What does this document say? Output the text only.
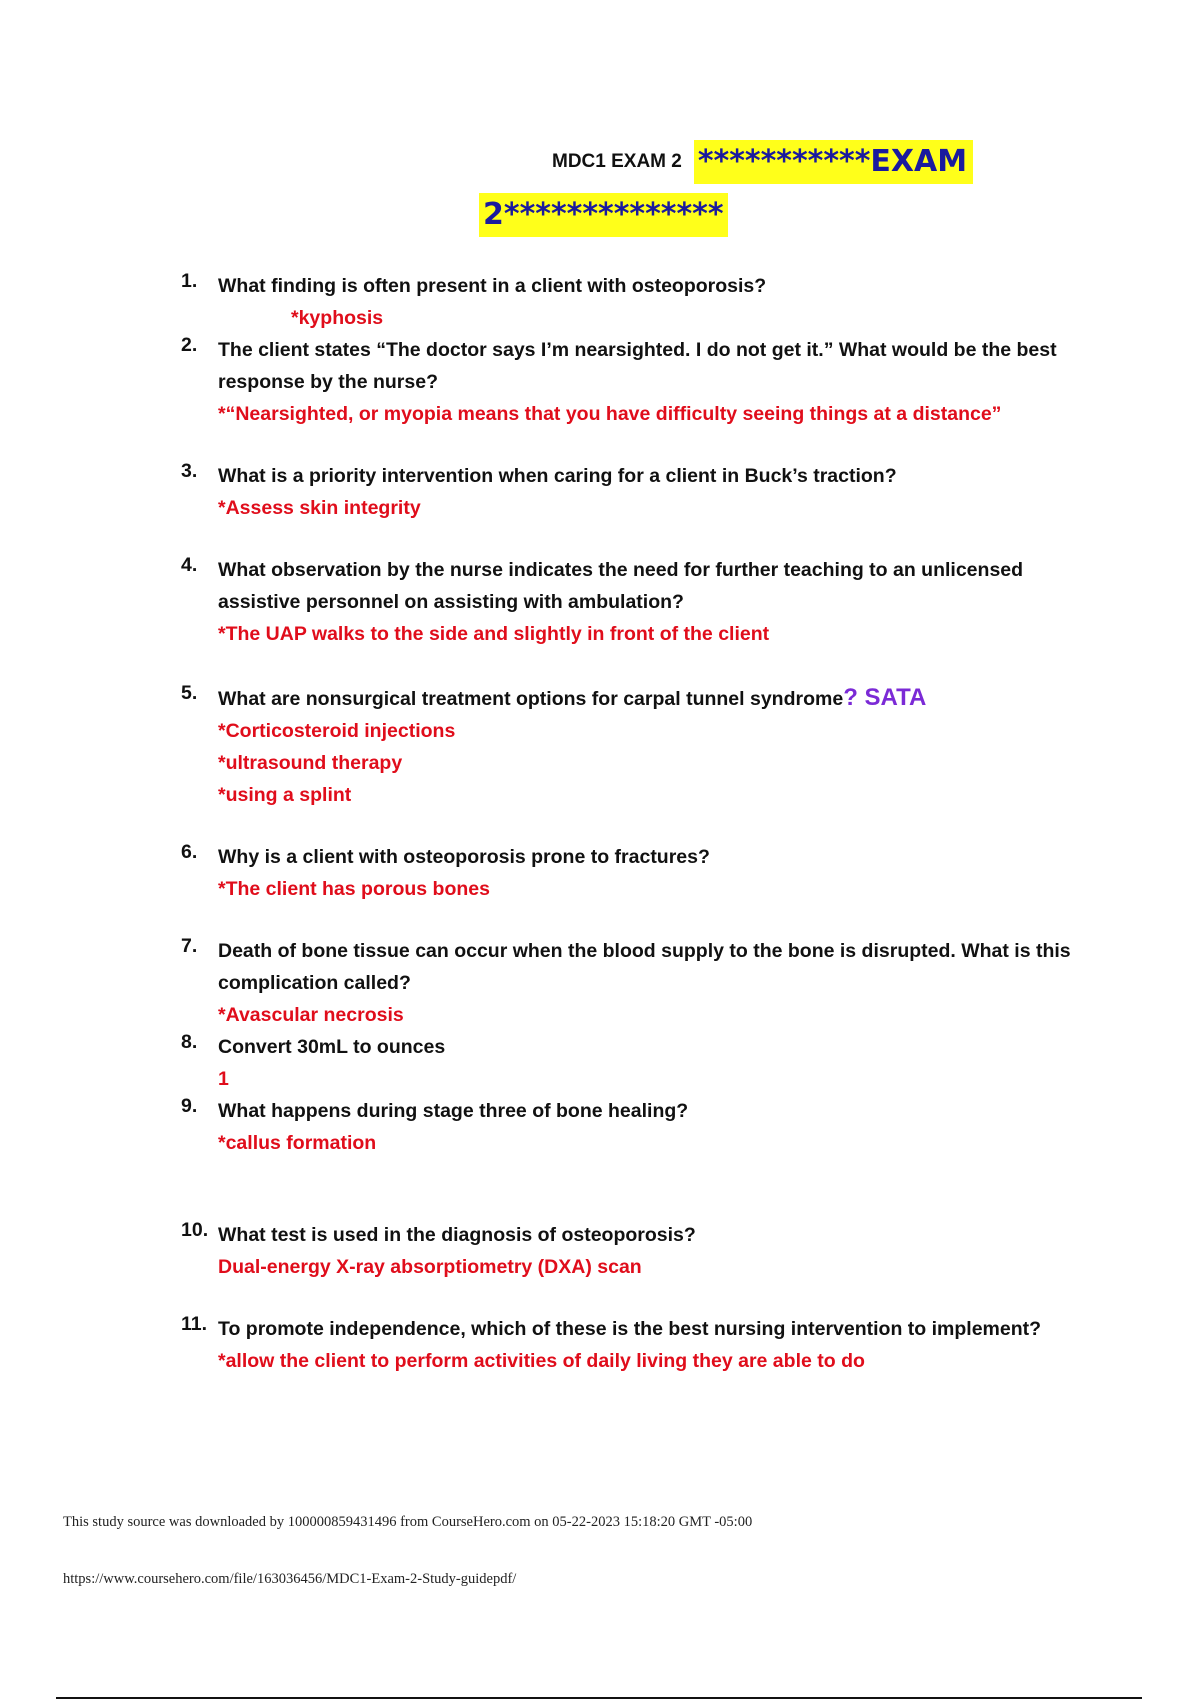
MDC1 EXAM 2 ***********EXAM
2**************
1. What finding is often present in a client with osteoporosis?
*kyphosis
2. The client states “The doctor says I’m nearsighted. I do not get it.” What would be the best
response by the nurse?
*“Nearsighted, or myopia means that you have difficulty seeing things at a distance”
3. What is a priority intervention when caring for a client in Buck’s traction?
*Assess skin integrity
4. What observation by the nurse indicates the need for further teaching to an unlicensed
assistive personnel on assisting with ambulation?
*The UAP walks to the side and slightly in front of the client
5. What are nonsurgical treatment options for carpal tunnel syndrome? SATA
*Corticosteroid injections
*ultrasound therapy
*using a splint
6. Why is a client with osteoporosis prone to fractures?
*The client has porous bones
7. Death of bone tissue can occur when the blood supply to the bone is disrupted. What is this
complication called?
*Avascular necrosis
8. Convert 30mL to ounces
1
9. What happens during stage three of bone healing?
*callus formation
10. What test is used in the diagnosis of osteoporosis?
Dual-energy X-ray absorptiometry (DXA) scan
11. To promote independence, which of these is the best nursing intervention to implement?
*allow the client to perform activities of daily living they are able to do
This study source was downloaded by 100000859431496 from CourseHero.com on 05-22-2023 15:18:20 GMT -05:00
https://www.coursehero.com/file/163036456/MDC1-Exam-2-Study-guidepdf/
